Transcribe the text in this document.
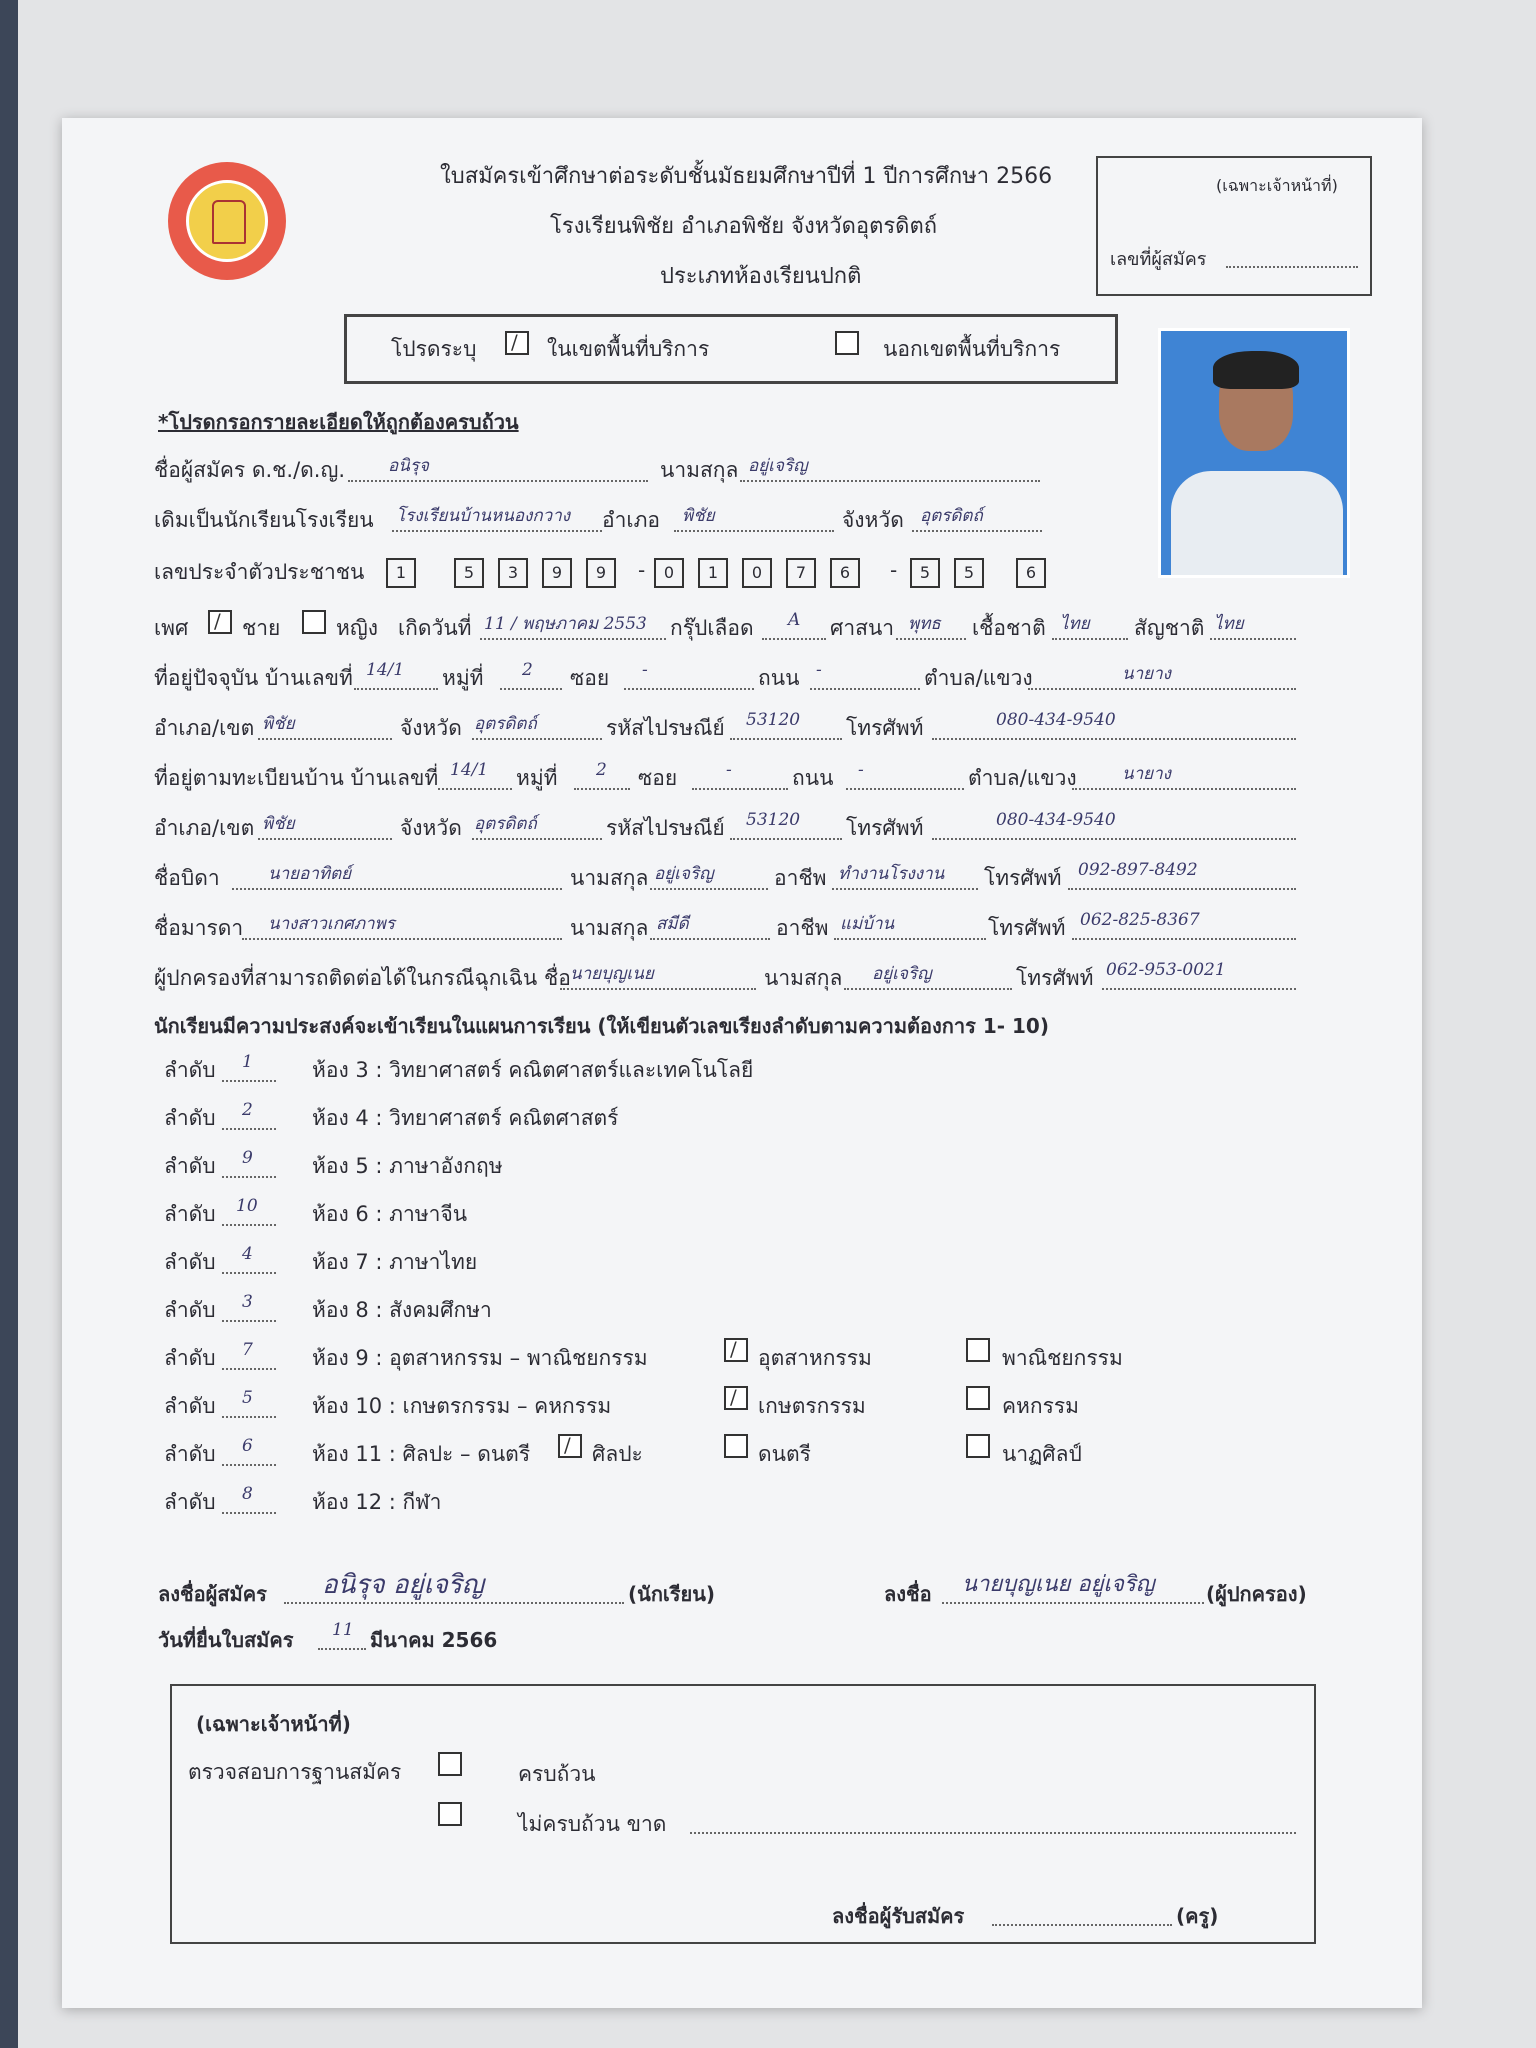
ใบสมัครเข้าศึกษาต่อระดับชั้นมัธยมศึกษาปีที่ 1 ปีการศึกษา 2566
โรงเรียนพิชัย อำเภอพิชัย จังหวัดอุตรดิตถ์
ประเภทห้องเรียนปกติ
(เฉพาะเจ้าหน้าที่)
เลขที่ผู้สมัคร
โปรดระบุ /	ในเขตพื้นที่บริการ	นอกเขตพื้นที่บริการ
*โปรดกรอกรายละเอียดให้ถูกต้องครบถ้วน
ชื่อผู้สมัคร ด.ช./ด.ญ.	อนิรุจ	นามสกุล อยู่เจริญ
เดิมเป็นนักเรียนโรงเรียน โรงเรียนบ้านหนองกวาง อำเภอ พิชัย	จังหวัด อุตรดิตถ์
เลขประจำตัวประชาชน	1	5	3	9	9	-	0	1	0	7	6	-	5	5	6
เพศ /	ชาย	หญิง เกิดวันที่ 11 / พฤษภาคม 2553 กรุ๊ปเลือด A ศาสนา พุทธ เชื้อชาติ ไทย สัญชาติ ไทย
ที่อยู่ปัจจุบัน บ้านเลขที่ 14/1 หมู่ที่ 2 ซอย -	ถนน -	ตำบล/แขวง	นายาง
อำเภอ/เขต พิชัย	จังหวัด อุตรดิตถ์	รหัสไปรษณีย์ 53120 โทรศัพท์	080-434-9540
ที่อยู่ตามทะเบียนบ้าน บ้านเลขที่ 14/1 หมู่ที่ 2 ซอย	-	ถนน -	ตำบล/แขวง	นายาง
อำเภอ/เขต พิชัย	จังหวัด อุตรดิตถ์	รหัสไปรษณีย์ 53120 โทรศัพท์	080-434-9540
ชื่อบิดา	นายอาทิตย์	นามสกุล อยู่เจริญ	อาชีพ ทำงานโรงงาน โทรศัพท์ 092-897-8492
ชื่อมารดา นางสาวเกศภาพร	นามสกุล สมีดี	อาชีพ แม่บ้าน	โทรศัพท์ 062-825-8367
ผู้ปกครองที่สามารถติดต่อได้ในกรณีฉุกเฉิน ชื่อ นายบุญเนย	นามสกุล อยู่เจริญ	โทรศัพท์ 062-953-0021
นักเรียนมีความประสงค์จะเข้าเรียนในแผนการเรียน (ให้เขียนตัวเลขเรียงลำดับตามความต้องการ 1- 10)
ลำดับ 1	ห้อง 3 : วิทยาศาสตร์ คณิตศาสตร์และเทคโนโลยี
ลำดับ 2	ห้อง 4 : วิทยาศาสตร์ คณิตศาสตร์
ลำดับ 9	ห้อง 5 : ภาษาอังกฤษ
ลำดับ 10	ห้อง 6 : ภาษาจีน
ลำดับ 4	ห้อง 7 : ภาษาไทย
ลำดับ 3	ห้อง 8 : สังคมศึกษา
ลำดับ 7	ห้อง 9 : อุตสาหกรรม – พาณิชยกรรม /	อุตสาหกรรม	พาณิชยกรรม
ลำดับ 5	ห้อง 10 : เกษตรกรรม – คหกรรม /	เกษตรกรรม	คหกรรม
ลำดับ 6	ห้อง 11 : ศิลปะ – ดนตรี /	ศิลปะ	ดนตรี	นาฏศิลป์
ลำดับ 8	ห้อง 12 : กีฬา
ลงชื่อผู้สมัคร อนิรุจ อยู่เจริญ	(นักเรียน)	ลงชื่อ นายบุญเนย อยู่เจริญ	(ผู้ปกครอง)
วันที่ยื่นใบสมัคร 11 มีนาคม 2566
(เฉพาะเจ้าหน้าที่)
ตรวจสอบการฐานสมัคร	ครบถ้วน
ไม่ครบถ้วน ขาด
ลงชื่อผู้รับสมัคร	(ครู)
